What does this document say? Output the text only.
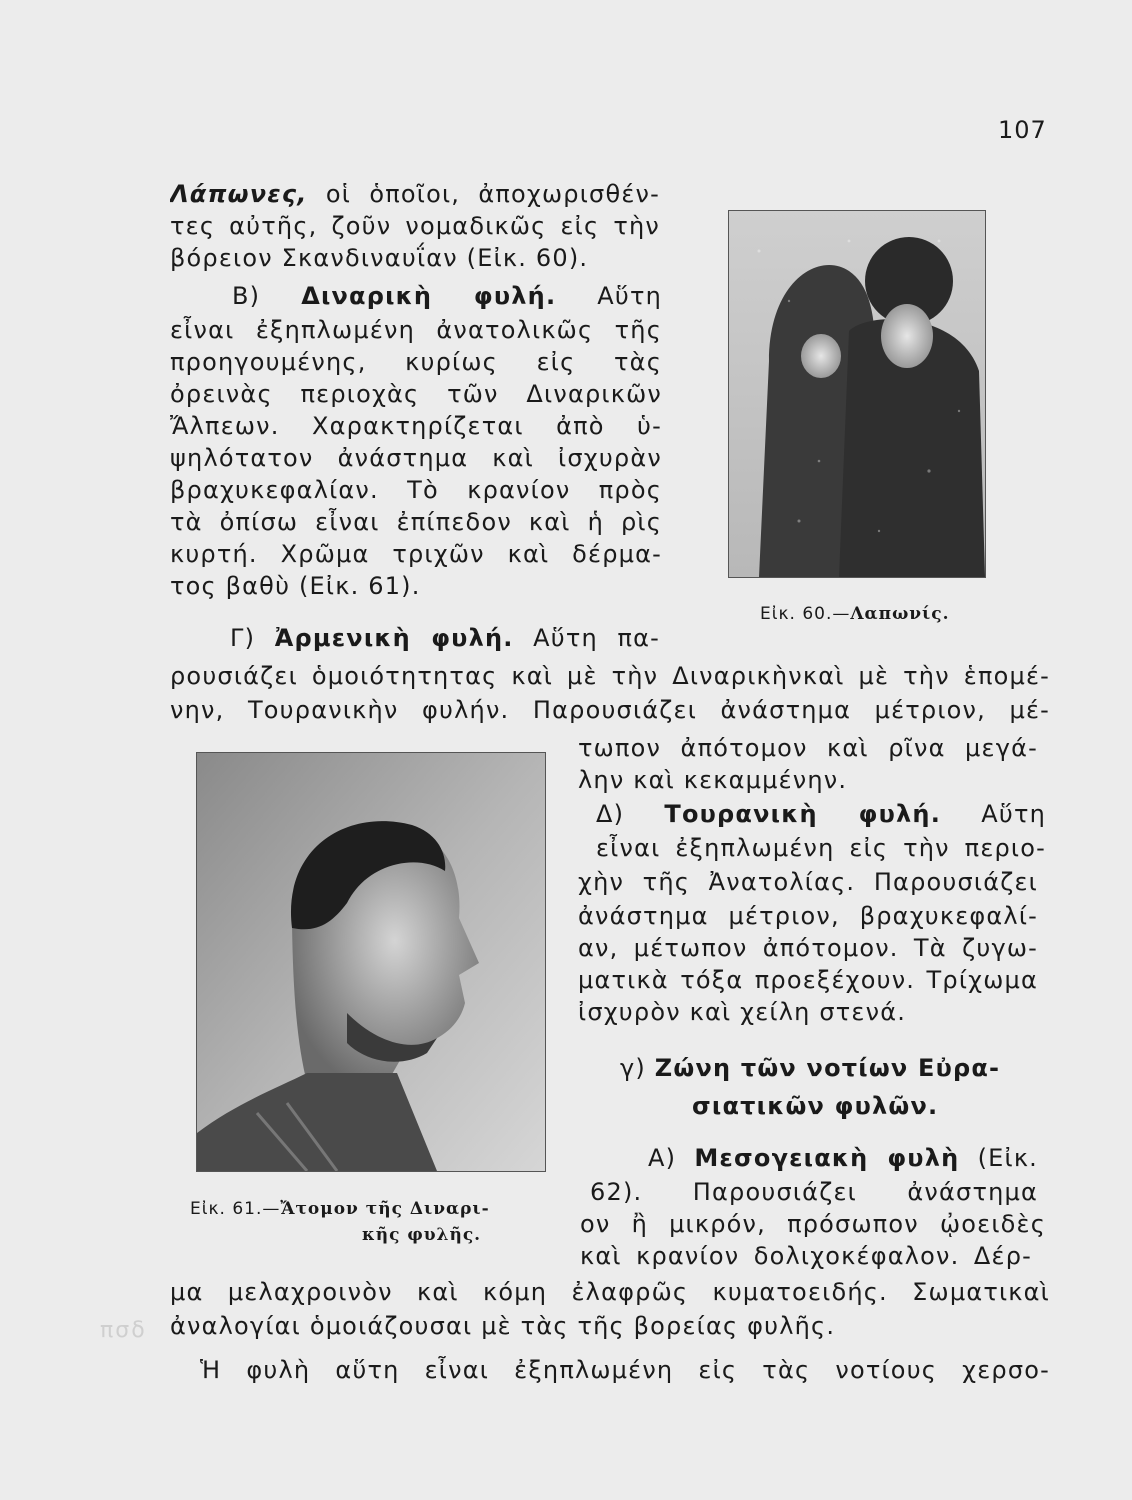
107
Λάπωνες, οἱ ὁποῖοι, ἀποχωρισθέν-
τες αὐτῆς, ζοῦν νομαδικῶς εἰς τὴν
βόρειον Σκανδιναυΐαν (Εἰκ. 60).
Β) Διναρικὴ φυλή. Αὕτη
εἶναι ἐξηπλωμένη ἀνατολικῶς τῆς
προηγουμένης, κυρίως εἰς τὰς
ὀρεινὰς περιοχὰς τῶν Διναρικῶν
Ἄλπεων. Χαρακτηρίζεται ἀπὸ ὑ-
ψηλότατον ἀνάστημα καὶ ἰσχυρὰν
βραχυκεφαλίαν. Τὸ κρανίον πρὸς
τὰ ὀπίσω εἶναι ἐπίπεδον καὶ ἡ ρὶς
κυρτή. Χρῶμα τριχῶν καὶ δέρμα-
τος βαθὺ (Εἰκ. 61).
Γ) Ἀρμενικὴ φυλή. Αὕτη πα-
ρουσιάζει ὁμοιότητητας καὶ μὲ τὴν Διναρικὴνκαὶ μὲ τὴν ἑπομέ-
νην, Τουρανικὴν φυλήν. Παρουσιάζει ἀνάστημα μέτριον, μέ-
τωπον ἀπότομον καὶ ρῖνα μεγά-
λην καὶ κεκαμμένην.
Δ) Τουρανικὴ φυλή. Αὕτη
εἶναι ἐξηπλωμένη εἰς τὴν περιο-
χὴν τῆς Ἀνατολίας. Παρουσιάζει
ἀνάστημα μέτριον, βραχυκεφαλί-
αν, μέτωπον ἀπότομον. Τὰ ζυγω-
ματικὰ τόξα προεξέχουν. Τρίχωμα
ἰσχυρὸν καὶ χείλη στενά.
γ) Ζώνη τῶν νοτίων Εὐρα-
σιατικῶν φυλῶν.
Α) Μεσογειακὴ φυλὴ (Εἰκ.
62). Παρουσιάζει ἀνάστημα
ον ἢ μικρόν, πρόσωπον ᾠοειδὲς
καὶ κρανίον δολιχοκέφαλον. Δέρ-
μα μελαχροινὸν καὶ κόμη ἐλαφρῶς κυματοειδής. Σωματικαὶ
ἀναλογίαι ὁμοιάζουσαι μὲ τὰς τῆς βορείας φυλῆς.
Ἡ φυλὴ αὕτη εἶναι ἐξηπλωμένη εἰς τὰς νοτίους χερσο-
Εἰκ. 60.—Λαπωνίς.
Εἰκ. 61.—Ἄτομον τῆς Διναρι-
κῆς φυλῆς.
πσδ
